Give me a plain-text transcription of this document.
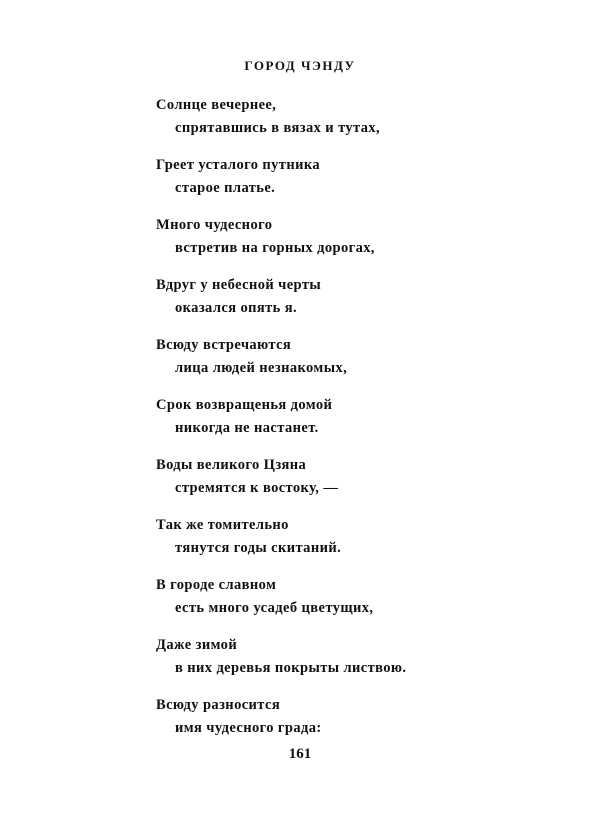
ГОРОД ЧЭНДУ
Солнце вечернее,
спрятавшись в вязах и тутах,
Греет усталого путника
старое платье.
Много чудесного
встретив на горных дорогах,
Вдруг у небесной черты
оказался опять я.
Всюду встречаются
лица людей незнакомых,
Срок возвращенья домой
никогда не настанет.
Воды великого Цзяна
стремятся к востоку, —
Так же томительно
тянутся годы скитаний.
В городе славном
есть много усадеб цветущих,
Даже зимой
в них деревья покрыты листвою.
Всюду разносится
имя чудесного града:
161
